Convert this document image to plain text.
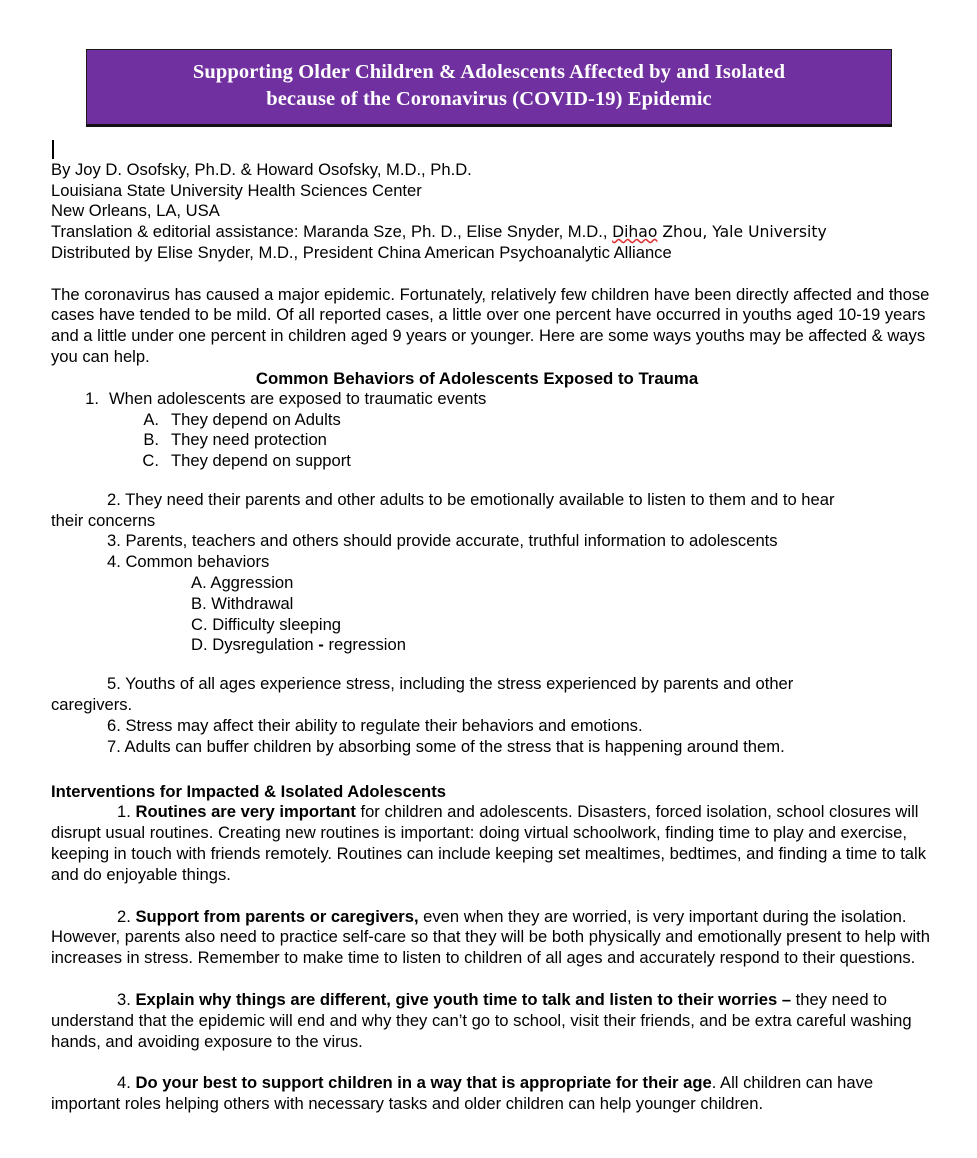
Supporting Older Children & Adolescents Affected by and Isolated
because of the Coronavirus (COVID-19) Epidemic
By Joy D. Osofsky, Ph.D. & Howard Osofsky, M.D., Ph.D.
Louisiana State University Health Sciences Center
New Orleans, LA, USA
Translation & editorial assistance: Maranda Sze, Ph. D., Elise Snyder, M.D., Dihao Zhou, Yale University
Distributed by Elise Snyder, M.D., President China American Psychoanalytic Alliance
The coronavirus has caused a major epidemic. Fortunately, relatively few children have been directly affected and those cases have tended to be mild. Of all reported cases, a little over one percent have occurred in youths aged 10-19 years and a little under one percent in children aged 9 years or younger. Here are some ways youths may be affected & ways you can help.
Common Behaviors of Adolescents Exposed to Trauma
1. When adolescents are exposed to traumatic events
A. They depend on Adults
B. They need protection
C. They depend on support
2. They need their parents and other adults to be emotionally available to listen to them and to hear
their concerns
3. Parents, teachers and others should provide accurate, truthful information to adolescents
4. Common behaviors
A. Aggression
B. Withdrawal
C. Difficulty sleeping
D. Dysregulation - regression
5. Youths of all ages experience stress, including the stress experienced by parents and other
caregivers.
6. Stress may affect their ability to regulate their behaviors and emotions.
7. Adults can buffer children by absorbing some of the stress that is happening around them.
Interventions for Impacted & Isolated Adolescents
1. Routines are very important for children and adolescents. Disasters, forced isolation, school closures will disrupt usual routines. Creating new routines is important: doing virtual schoolwork, finding time to play and exercise, keeping in touch with friends remotely. Routines can include keeping set mealtimes, bedtimes, and finding a time to talk and do enjoyable things.
2. Support from parents or caregivers, even when they are worried, is very important during the isolation. However, parents also need to practice self-care so that they will be both physically and emotionally present to help with increases in stress. Remember to make time to listen to children of all ages and accurately respond to their questions.
3. Explain why things are different, give youth time to talk and listen to their worries – they need to understand that the epidemic will end and why they can’t go to school, visit their friends, and be extra careful washing hands, and avoiding exposure to the virus.
4. Do your best to support children in a way that is appropriate for their age. All children can have important roles helping others with necessary tasks and older children can help younger children.
